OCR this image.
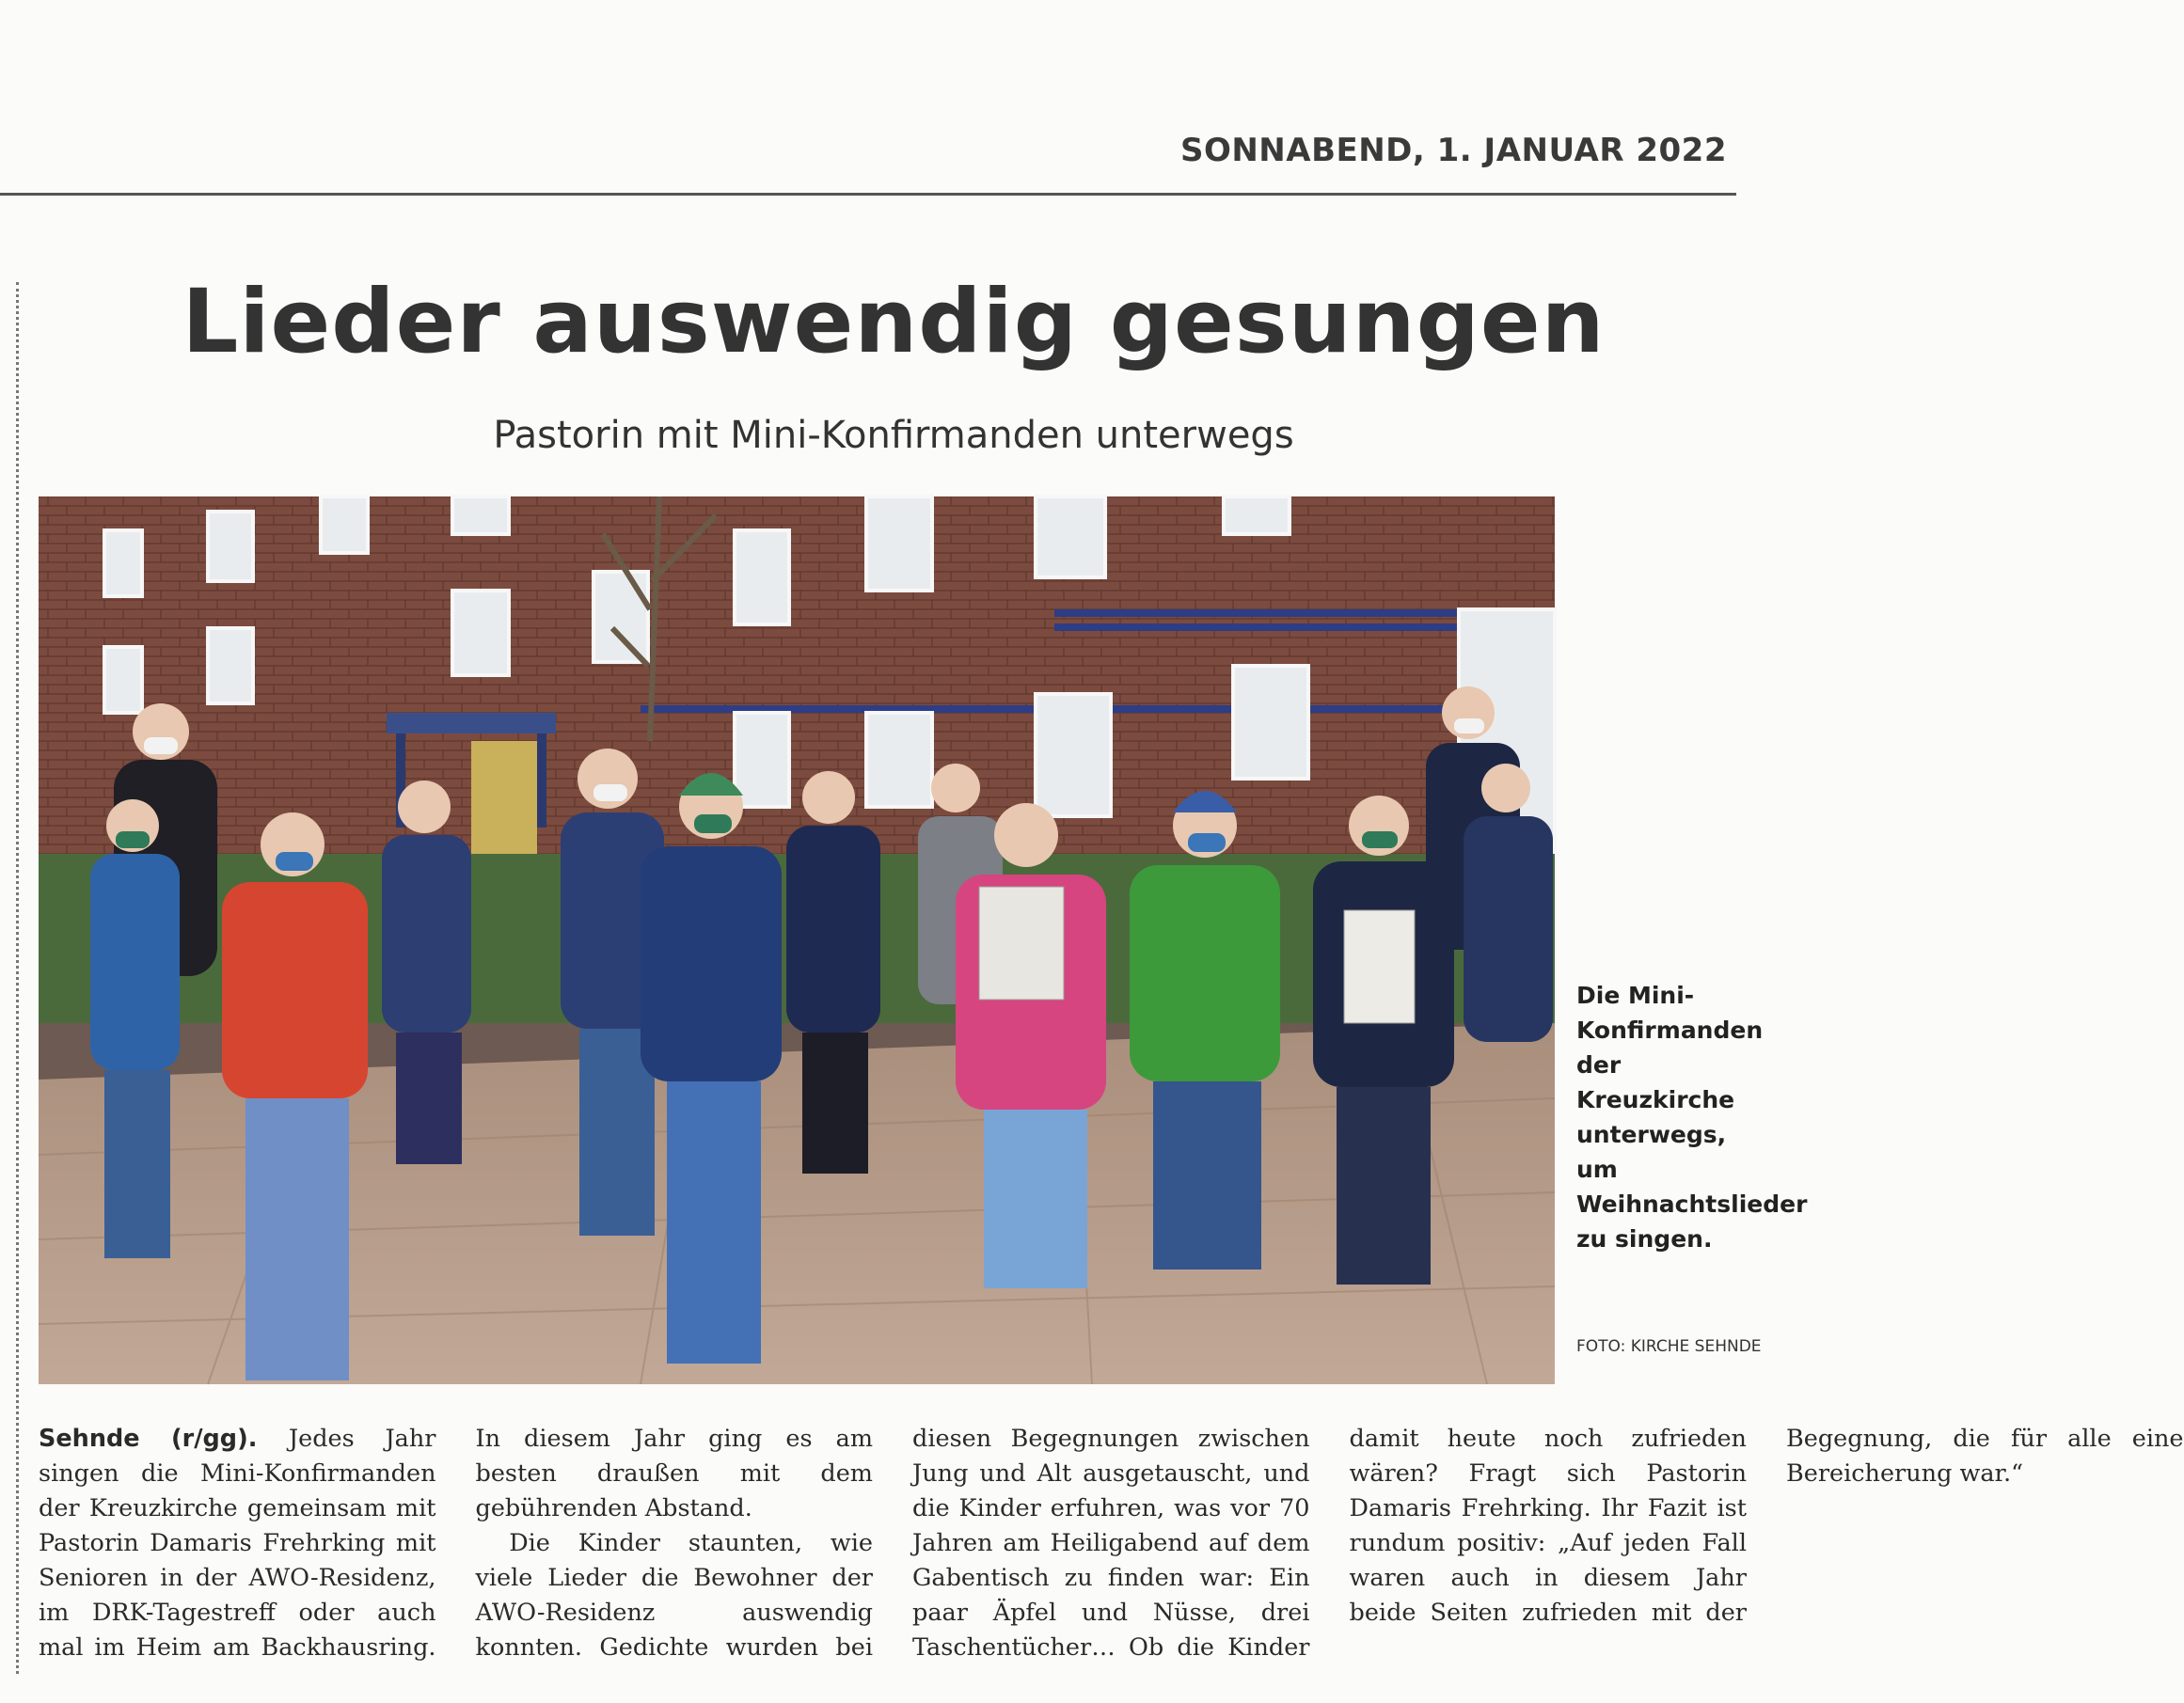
SONNABEND, 1. JANUAR 2022
Lieder auswendig gesungen
Pastorin mit Mini-Konfirmanden unterwegs
Die Mini-Konfirmanden der Kreuzkirche unterwegs, um Weihnachtslieder zu singen.
FOTO: KIRCHE SEHNDE

Sehnde (r/gg). Jedes Jahr singen die Mini-Konfirmanden der Kreuzkirche gemeinsam mit Pastorin Damaris Frehrking mit Senioren in der AWO-Residenz, im DRK-Tagestreff oder auch mal im Heim am Backhausring. In diesem Jahr ging es am besten draußen mit dem gebührenden Abstand.

Die Kinder staunten, wie viele Lieder die Bewohner der AWO-Residenz auswendig konnten. Gedichte wurden bei diesen Begegnungen zwischen Jung und Alt ausgetauscht, und die Kinder erfuhren, was vor 70 Jahren am Heiligabend auf dem Gabentisch zu finden war: Ein paar Äpfel und Nüsse, drei Taschentücher… Ob die Kinder damit heute noch zufrieden wären? Fragt sich Pastorin Damaris Frehrking. Ihr Fazit ist rundum positiv: „Auf jeden Fall waren auch in diesem Jahr beide Seiten zufrieden mit der Begegnung, die für alle eine Bereicherung war.“
